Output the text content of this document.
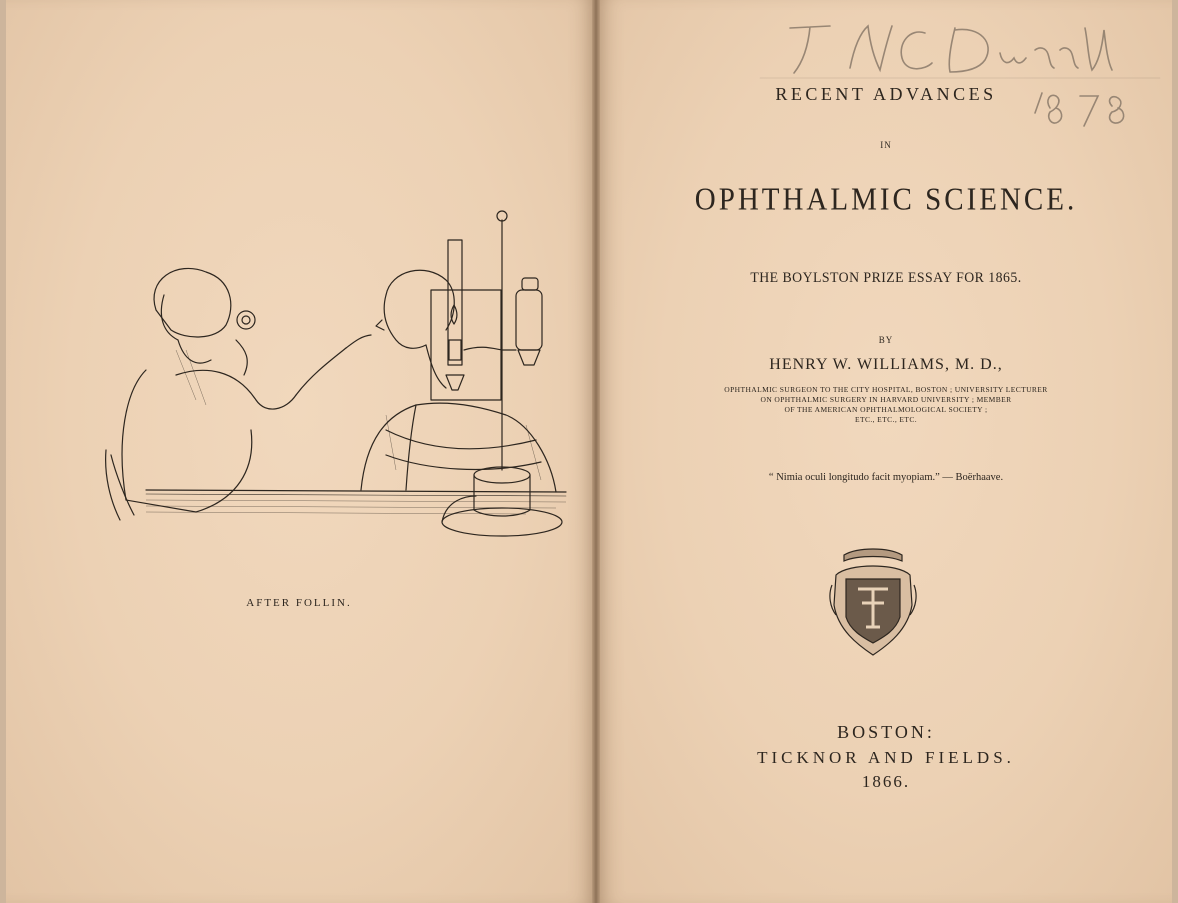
AFTER FOLLIN.
RECENT ADVANCES
IN
OPHTHALMIC SCIENCE.
THE BOYLSTON PRIZE ESSAY FOR 1865.
BY
HENRY W. WILLIAMS, M. D.,
OPHTHALMIC SURGEON TO THE CITY HOSPITAL, BOSTON ; UNIVERSITY LECTURER
ON OPHTHALMIC SURGERY IN HARVARD UNIVERSITY ; MEMBER
OF THE AMERICAN OPHTHALMOLOGICAL SOCIETY ;
ETC., ETC., ETC.
“ Nimia oculi longitudo facit myopiam.” — Boërhaave.
BOSTON:
TICKNOR AND FIELDS.
1866.
